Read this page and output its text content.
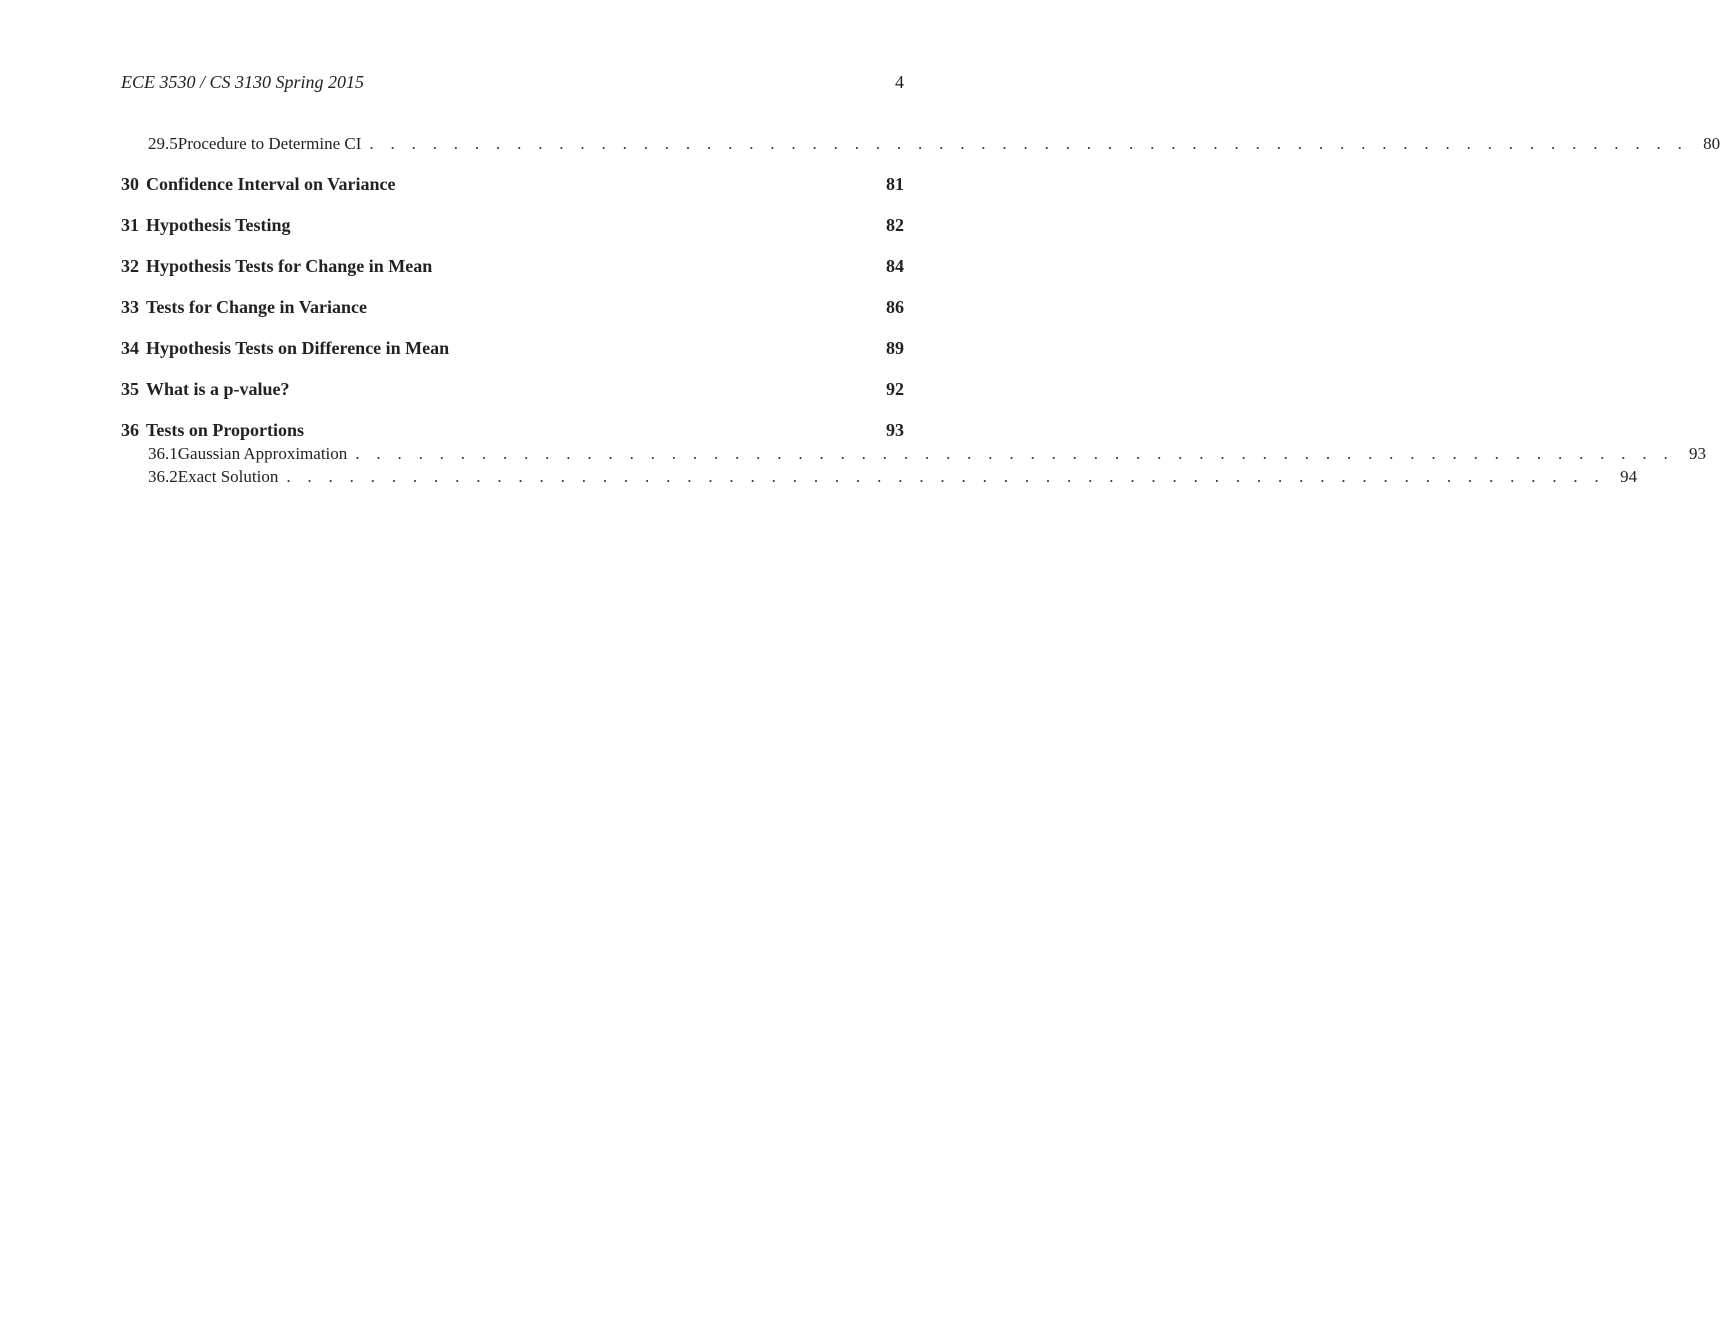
ECE 3530 / CS 3130 Spring 2015	4
29.5 Procedure to Determine CI . . . . . . . . . . . . . . . . . . . . . . . . . . . . . . . . . . . . . . . . . . . . . . . . . . . . . . . . . . . . . . . 80
30 Confidence Interval on Variance	81
31 Hypothesis Testing	82
32 Hypothesis Tests for Change in Mean	84
33 Tests for Change in Variance	86
34 Hypothesis Tests on Difference in Mean	89
35 What is a p-value?	92
36 Tests on Proportions	93
36.1 Gaussian Approximation . . . . . . . . . . . . . . . . . . . . . . . . . . . . . . . . . . . . . . . . . . . . . . . . . . . . . . . . . . . . . . . 93
36.2 Exact Solution . . . . . . . . . . . . . . . . . . . . . . . . . . . . . . . . . . . . . . . . . . . . . . . . . . . . . . . . . . . . . . . 94
